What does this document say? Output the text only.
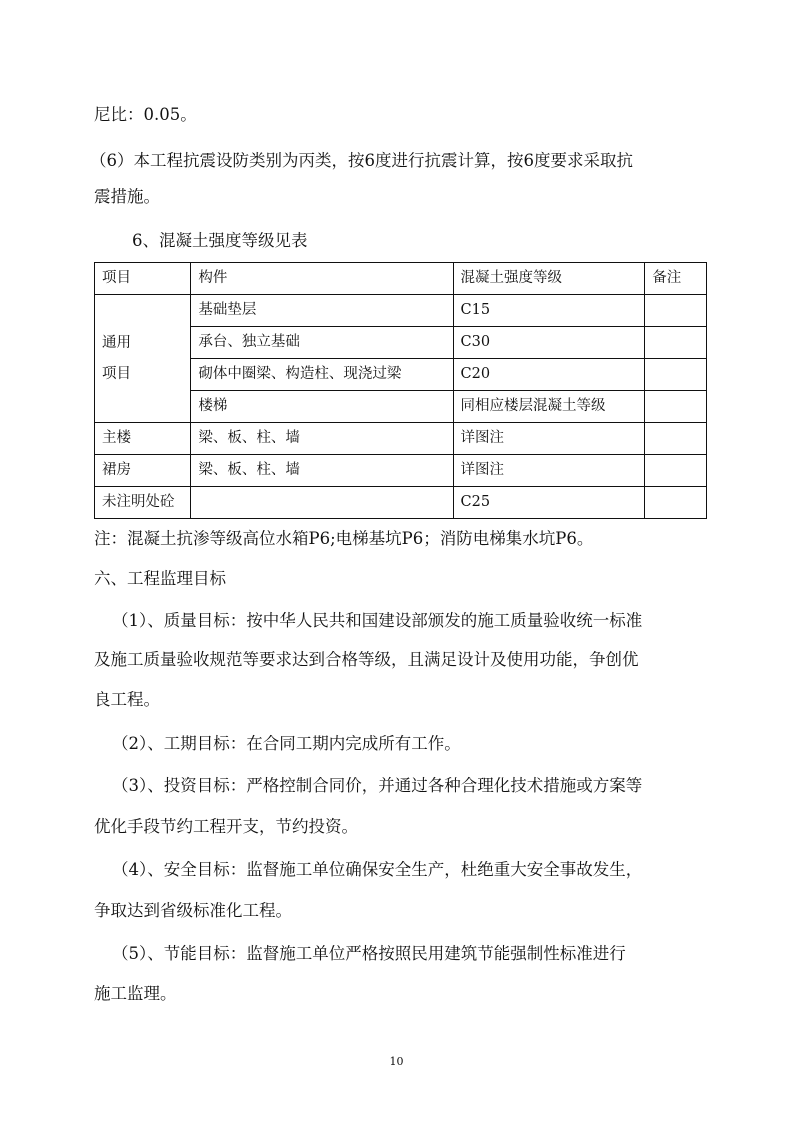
尼比：0.05。
（6）本工程抗震设防类别为丙类，按6度进行抗震计算，按6度要求采取抗
震措施。
6、混凝土强度等级见表
项目	构件	混凝土强度等级	备注

通用
项目	基础垫层	C15	
	承台、独立基础	C30	
	砌体中圈梁、构造柱、现浇过梁	C20	
	楼梯	同相应楼层混凝土等级	
主楼	梁、板、柱、墙	详图注	
裙房	梁、板、柱、墙	详图注	
未注明处砼		C25	
注：混凝土抗渗等级高位水箱P6;电梯基坑P6；消防电梯集水坑P6。
六、工程监理目标
（1）、质量目标：按中华人民共和国建设部颁发的施工质量验收统一标准
及施工质量验收规范等要求达到合格等级，且满足设计及使用功能，争创优
良工程。
（2）、工期目标：在合同工期内完成所有工作。
（3）、投资目标：严格控制合同价，并通过各种合理化技术措施或方案等
优化手段节约工程开支，节约投资。
（4）、安全目标：监督施工单位确保安全生产，杜绝重大安全事故发生，
争取达到省级标准化工程。
（5）、节能目标：监督施工单位严格按照民用建筑节能强制性标准进行
施工监理。
10
